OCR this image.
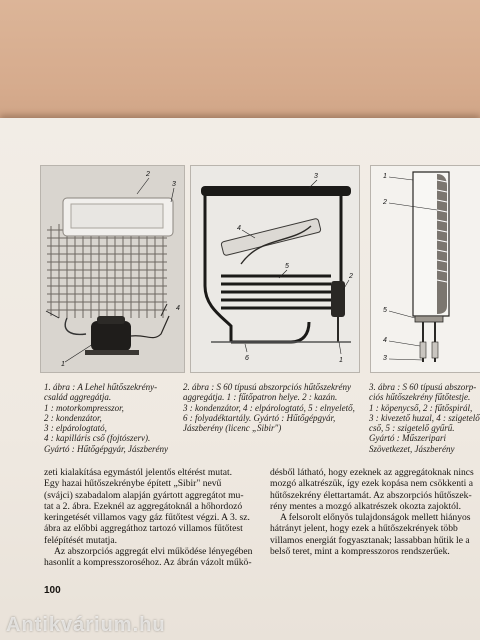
2
3
4
1
3
4
5
2
6	1
1
2
5
4
3
1. ábra : A Lehel hűtőszekrény-
család aggregátja.
1 : motorkompresszor,
2 : kondenzátor,
3 : elpárologtató,
4 : kapilláris cső (fojtószerv).
Gyártó : Hűtőgépgyár, Jászberény
2. ábra : S 60 típusú abszorpciós hűtőszekrény
aggregátja. 1 : fűtőpatron helye. 2 : kazán.
3 : kondenzátor, 4 : elpárologtató, 5 : elnyelető,
6 : folyadéktartály. Gyártó : Hűtőgépgyár,
Jászberény (licenc „Sibir")
3. ábra : S 60 típusú abszorp-
ciós hűtőszekrény fűtőtestje.
1 : köpenycső, 2 : fűtőspirál,
3 : kivezető huzal, 4 : szigetelő
cső, 5 : szigetelő gyűrű.
Gyártó : Műszeripari
Szövetkezet, Jászberény
zeti kialakítása egymástól jelentős eltérést mutat.
Egy hazai hűtőszekrénybe épített „Sibir" nevű
(svájci) szabadalom alapján gyártott aggregátot mu-
tat a 2. ábra. Ezeknél az aggregátoknál a hőhordozó
keringetését villamos vagy gáz fűtőtest végzi. A 3. sz.
ábra az előbbi aggregáthoz tartozó villamos fűtőtest
felépítését mutatja.
Az abszorpciós aggregát elvi működése lényegében
hasonlít a kompresszoroséhoz. Az ábrán vázolt műkö-
désből látható, hogy ezeknek az aggregátoknak nincs
mozgó alkatrészük, így ezek kopása nem csökkenti a
hűtőszekrény élettartamát. Az abszorpciós hűtőszek-
rény mentes a mozgó alkatrészek okozta zajoktól.
A felsorolt előnyös tulajdonságok mellett hiányos
hátrányt jelent, hogy ezek a hűtőszekrények több
villamos energiát fogyasztanak; lassabban hűtik le a
belső teret, mint a kompresszoros rendszerűek.
100
Antikvárium.hu
